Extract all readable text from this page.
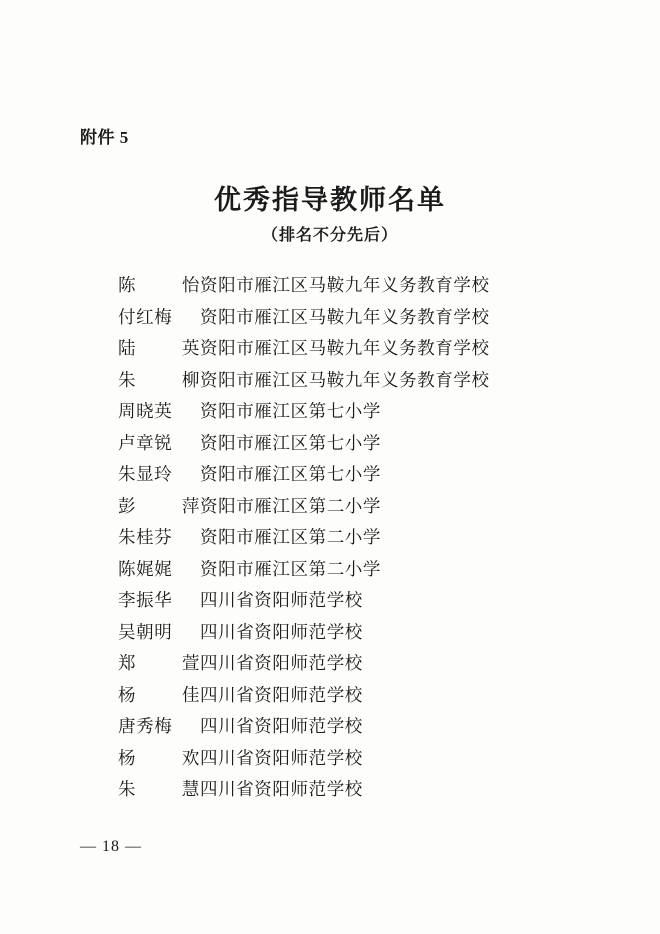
附件 5
优秀指导教师名单
（排名不分先后）
陈	怡 资阳市雁江区马鞍九年义务教育学校
付红梅	资阳市雁江区马鞍九年义务教育学校
陆	英 资阳市雁江区马鞍九年义务教育学校
朱	柳 资阳市雁江区马鞍九年义务教育学校
周晓英	资阳市雁江区第七小学
卢章锐	资阳市雁江区第七小学
朱显玲	资阳市雁江区第七小学
彭	萍 资阳市雁江区第二小学
朱桂芬	资阳市雁江区第二小学
陈娓娓	资阳市雁江区第二小学
李振华	四川省资阳师范学校
吴朝明	四川省资阳师范学校
郑	萱 四川省资阳师范学校
杨	佳 四川省资阳师范学校
唐秀梅	四川省资阳师范学校
杨	欢 四川省资阳师范学校
朱	慧 四川省资阳师范学校
— 18 —
